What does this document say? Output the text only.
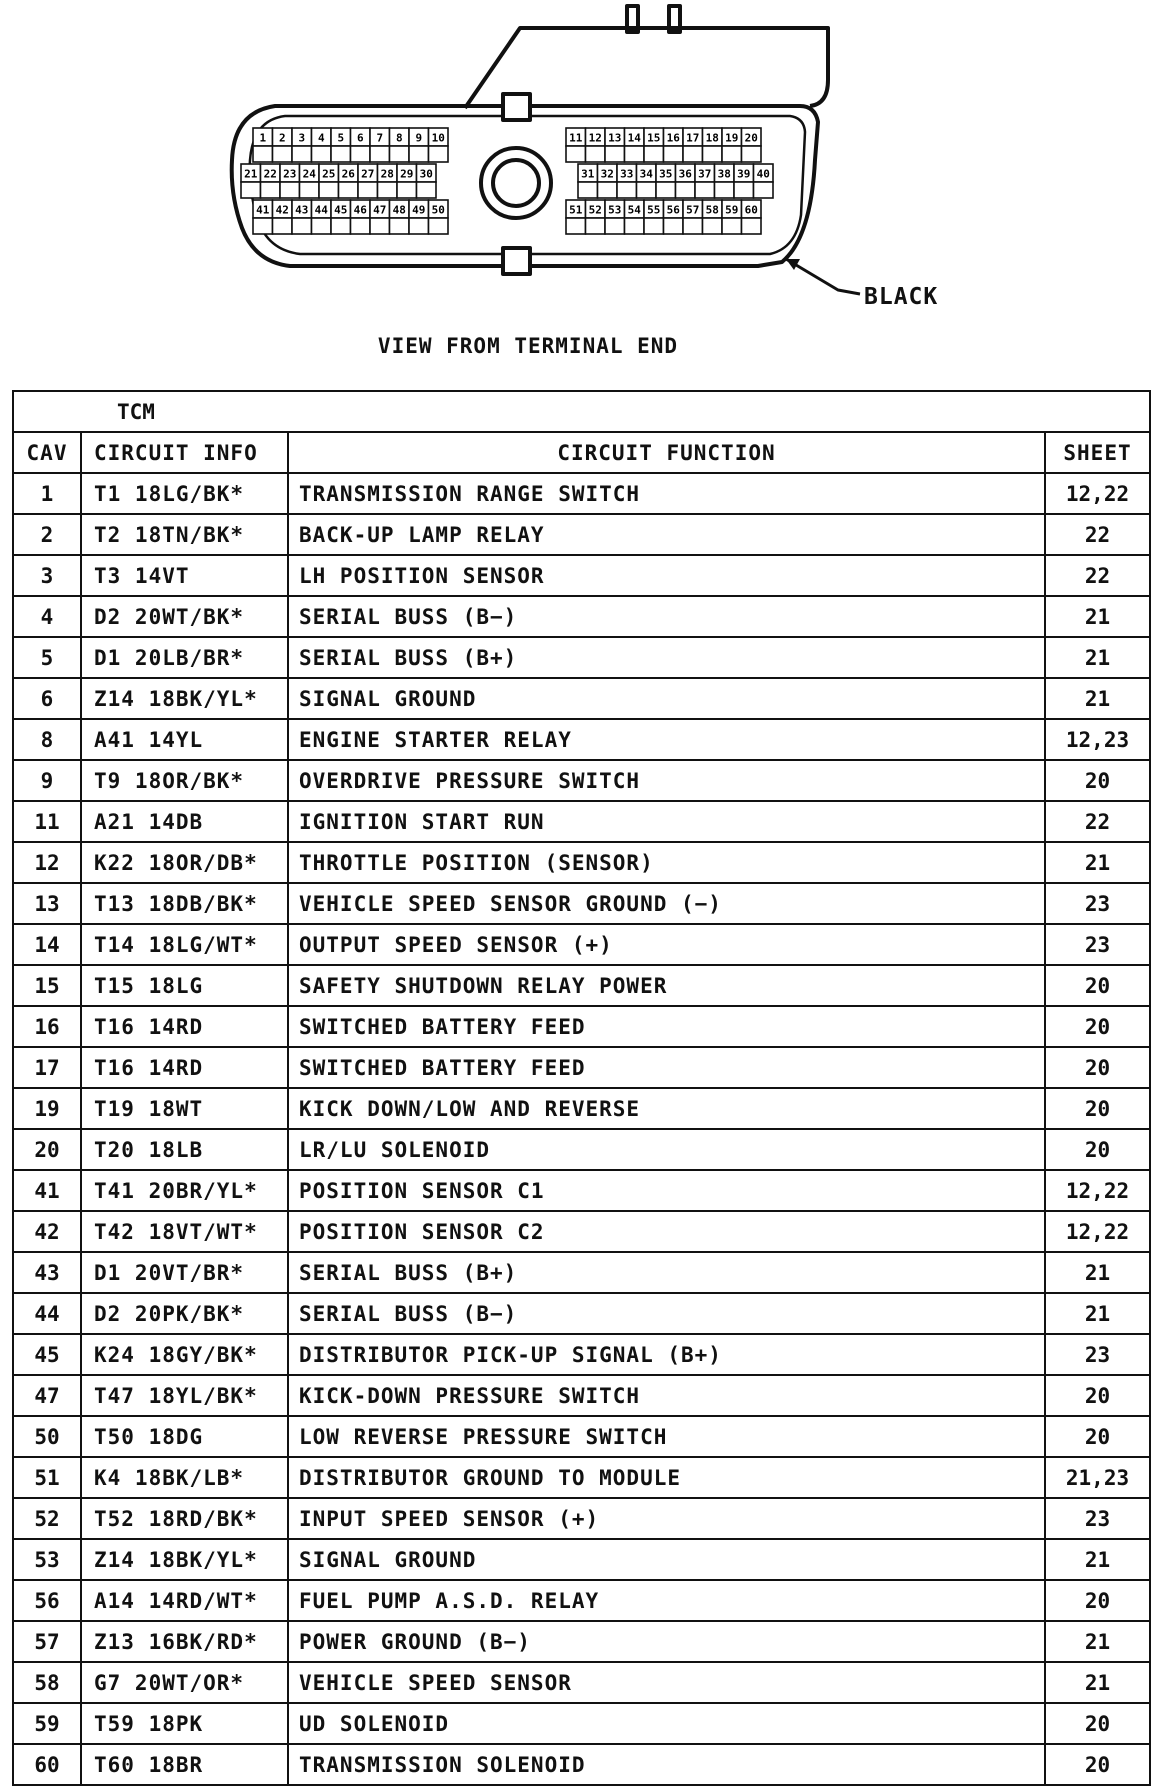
1 2 3 4 5 6 7 8 9 10	11 12 13 14 15 16 17 18 19 20
21 22 23 24 25 26 27 28 29 30	31 32 33 34 35 36 37 38 39 40
41 42 43 44 45 46 47 48 49 50	51 52 53 54 55 56 57 58 59 60
BLACK
VIEW FROM TERMINAL END
TCM			
CAV	CIRCUIT INFO	CIRCUIT FUNCTION	SHEET
1	T1 18LG/BK*	TRANSMISSION RANGE SWITCH	12,22
2	T2 18TN/BK*	BACK-UP LAMP RELAY	22
3	T3 14VT	LH POSITION SENSOR	22
4	D2 20WT/BK*	SERIAL BUSS (B−)	21
5	D1 20LB/BR*	SERIAL BUSS (B+)	21
6	Z14 18BK/YL*	SIGNAL GROUND	21
8	A41 14YL	ENGINE STARTER RELAY	12,23
9	T9 18OR/BK*	OVERDRIVE PRESSURE SWITCH	20
11	A21 14DB	IGNITION START RUN	22
12	K22 18OR/DB*	THROTTLE POSITION (SENSOR)	21
13	T13 18DB/BK*	VEHICLE SPEED SENSOR GROUND (−)	23
14	T14 18LG/WT*	OUTPUT SPEED SENSOR (+)	23
15	T15 18LG	SAFETY SHUTDOWN RELAY POWER	20
16	T16 14RD	SWITCHED BATTERY FEED	20
17	T16 14RD	SWITCHED BATTERY FEED	20
19	T19 18WT	KICK DOWN/LOW AND REVERSE	20
20	T20 18LB	LR/LU SOLENOID	20
41	T41 20BR/YL*	POSITION SENSOR C1	12,22
42	T42 18VT/WT*	POSITION SENSOR C2	12,22
43	D1 20VT/BR*	SERIAL BUSS (B+)	21
44	D2 20PK/BK*	SERIAL BUSS (B−)	21
45	K24 18GY/BK*	DISTRIBUTOR PICK-UP SIGNAL (B+)	23
47	T47 18YL/BK*	KICK-DOWN PRESSURE SWITCH	20
50	T50 18DG	LOW REVERSE PRESSURE SWITCH	20
51	K4 18BK/LB*	DISTRIBUTOR GROUND TO MODULE	21,23
52	T52 18RD/BK*	INPUT SPEED SENSOR (+)	23
53	Z14 18BK/YL*	SIGNAL GROUND	21
56	A14 14RD/WT*	FUEL PUMP A.S.D. RELAY	20
57	Z13 16BK/RD*	POWER GROUND (B−)	21
58	G7 20WT/OR*	VEHICLE SPEED SENSOR	21
59	T59 18PK	UD SOLENOID	20
60	T60 18BR	TRANSMISSION SOLENOID	20
